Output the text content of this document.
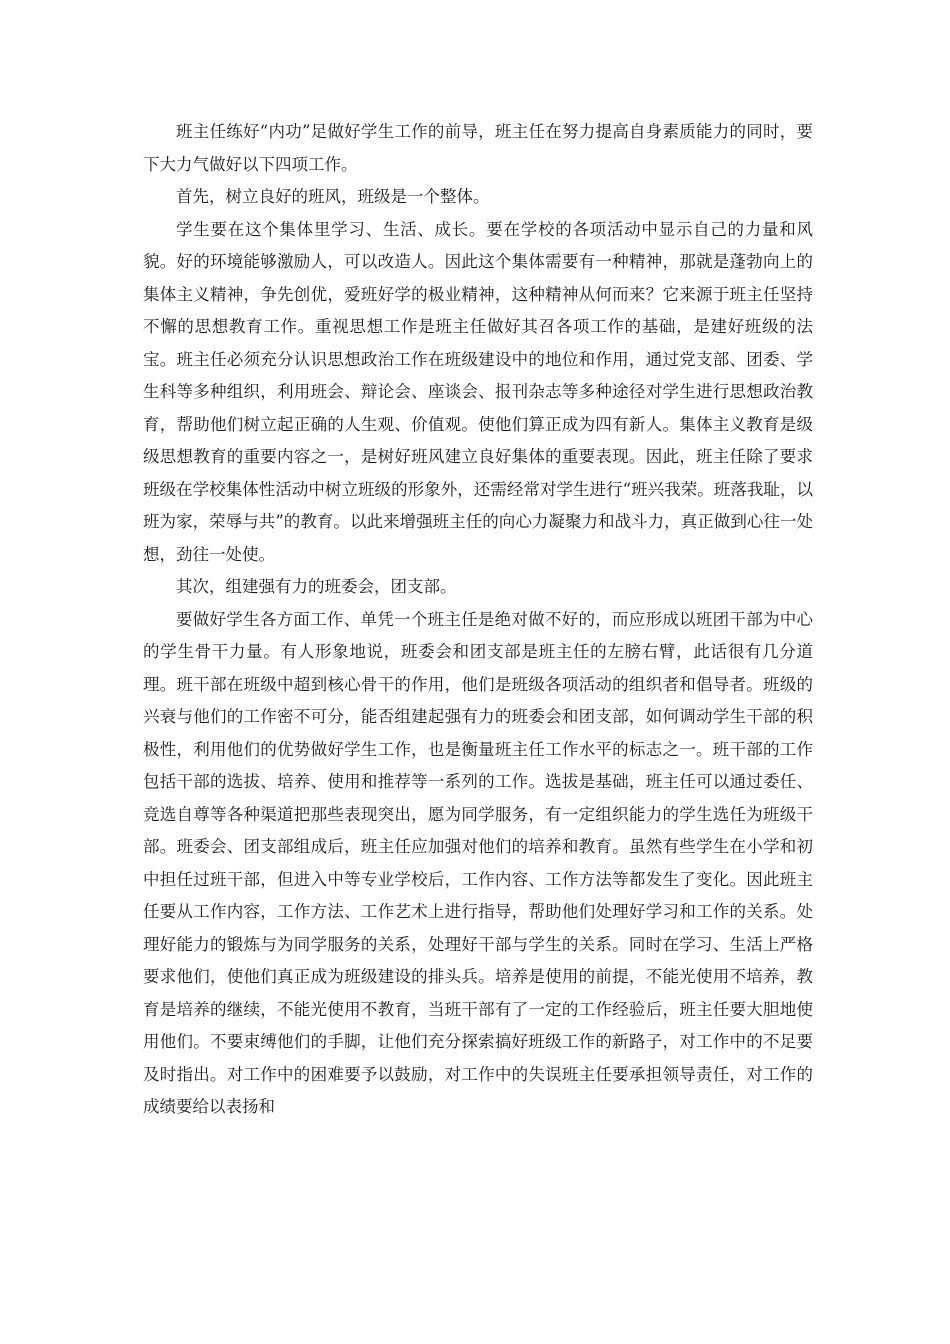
班主任练好“内功”足做好学生工作的前导，班主任在努力提高自身素质能力的同时，要下大力气做好以下四项工作。

首先，树立良好的班风，班级是一个整体。

学生要在这个集体里学习、生活、成长。要在学校的各项活动中显示自己的力量和风貌。好的环境能够激励人，可以改造人。因此这个集体需要有一种精神，那就是蓬勃向上的集体主义精神，争先创优，爱班好学的极业精神，这种精神从何而来？它来源于班主任坚持不懈的思想教育工作。重视思想工作是班主任做好其召各项工作的基础，是建好班级的法宝。班主任必须充分认识思想政治工作在班级建设中的地位和作用，通过党支部、团委、学生科等多种组织，利用班会、辩论会、座谈会、报刊杂志等多种途径对学生进行思想政治教育，帮助他们树立起正确的人生观、价值观。使他们算正成为四有新人。集体主义教育是级级思想教育的重要内容之一，是树好班风建立良好集体的重要表现。因此，班主任除了要求班级在学校集体性活动中树立班级的形象外，还需经常对学生进行“班兴我荣。班落我耻，以班为家，荣辱与共”的教育。以此来增强班主任的向心力凝聚力和战斗力，真正做到心往一处想，劲往一处使。

其次，组建强有力的班委会，团支部。

要做好学生各方面工作、单凭一个班主任是绝对做不好的，而应形成以班团干部为中心的学生骨干力量。有人形象地说，班委会和团支部是班主任的左膀右臂，此话很有几分道理。班干部在班级中超到核心骨干的作用，他们是班级各项活动的组织者和倡导者。班级的兴衰与他们的工作密不可分，能否组建起强有力的班委会和团支部，如何调动学生干部的积极性，利用他们的优势做好学生工作，也是衡量班主任工作水平的标志之一。班干部的工作包括干部的选拔、培养、使用和推荐等一系列的工作。选拔是基础，班主任可以通过委任、竞选自尊等各种渠道把那些表现突出，愿为同学服务，有一定组织能力的学生选任为班级干部。班委会、团支部组成后，班主任应加强对他们的培养和教育。虽然有些学生在小学和初中担任过班干部，但进入中等专业学校后，工作内容、工作方法等都发生了变化。因此班主任要从工作内容，工作方法、工作艺术上进行指导，帮助他们处理好学习和工作的关系。处理好能力的锻炼与为同学服务的关系，处理好干部与学生的关系。同时在学习、生活上严格要求他们，使他们真正成为班级建设的排头兵。培养是使用的前提，不能光使用不培养，教育是培养的继续，不能光使用不教育，当班干部有了一定的工作经验后，班主任要大胆地使用他们。不要束缚他们的手脚，让他们充分探索搞好班级工作的新路子，对工作中的不足要及时指出。对工作中的困难要予以鼓励，对工作中的失误班主任要承担领导责任，对工作的成绩要给以表扬和
